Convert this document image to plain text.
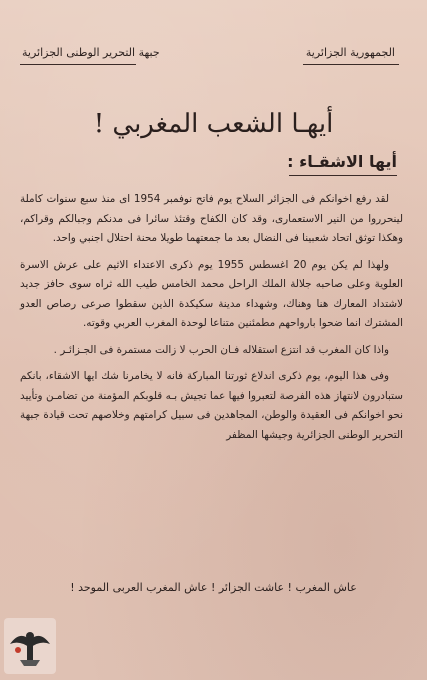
الجمهورية الجزائرية
جبهة التحرير الوطنى الجزائرية
أيهـا الشعب المغربي !
أيها الاشقـاء :

لقد رفع اخوانكم فى الجزائر السلاح يوم فاتح نوفمبر 1954 اى منذ سبع سنوات كاملة لينحرروا من النير الاستعمارى، وقد كان الكفاح وقتئذ سائرا فى مدنكم وجبالكم وقراكم، وهكذا توثق اتحاد شعبينا فى النضال بعد ما جمعتهما طويلا محنة احتلال اجنبي واحد.

ولهذا لم يكن يوم 20 اغسطس 1955 يوم ذكرى الاعتداء الاثيم على عرش الاسرة العلوية وعلى صاحبه جلالة الملك الراحل محمد الخامس طيب الله ثراه سوى حافز جديد لاشتداد المعارك هنا وهناك، وشهداء مدينة سكيكدة الذين سقطوا صرعى رصاص العدو المشترك انما ضحوا بارواحهم مطمئنين متناعا لوحدة المغرب العربي وقوته.

واذا كان المغرب قد انتزع استقلاله فـان الحرب لا زالت مستمرة فى الجـزائـر .

وفى هذا اليوم، يوم ذكرى اندلاع ثورتنا المباركة فانه لا يخامرنا شك ايها الاشقاء، بانكم ستبادرون لانتهاز هذه الفرصة لتعبروا فيها عما تجيش بـه قلوبكم المؤمنة من تضامـن وتأييد نحو اخوانكم فى العقيدة والوطن، المجاهدين فى سبيل كرامتهم وخلاصهم تحت قيادة جبهة التحرير الوطنى الجزائرية وجيشها المظفر

عاش المغرب ! عاشت الجزائر ! عاش المغرب العربى الموحد !
